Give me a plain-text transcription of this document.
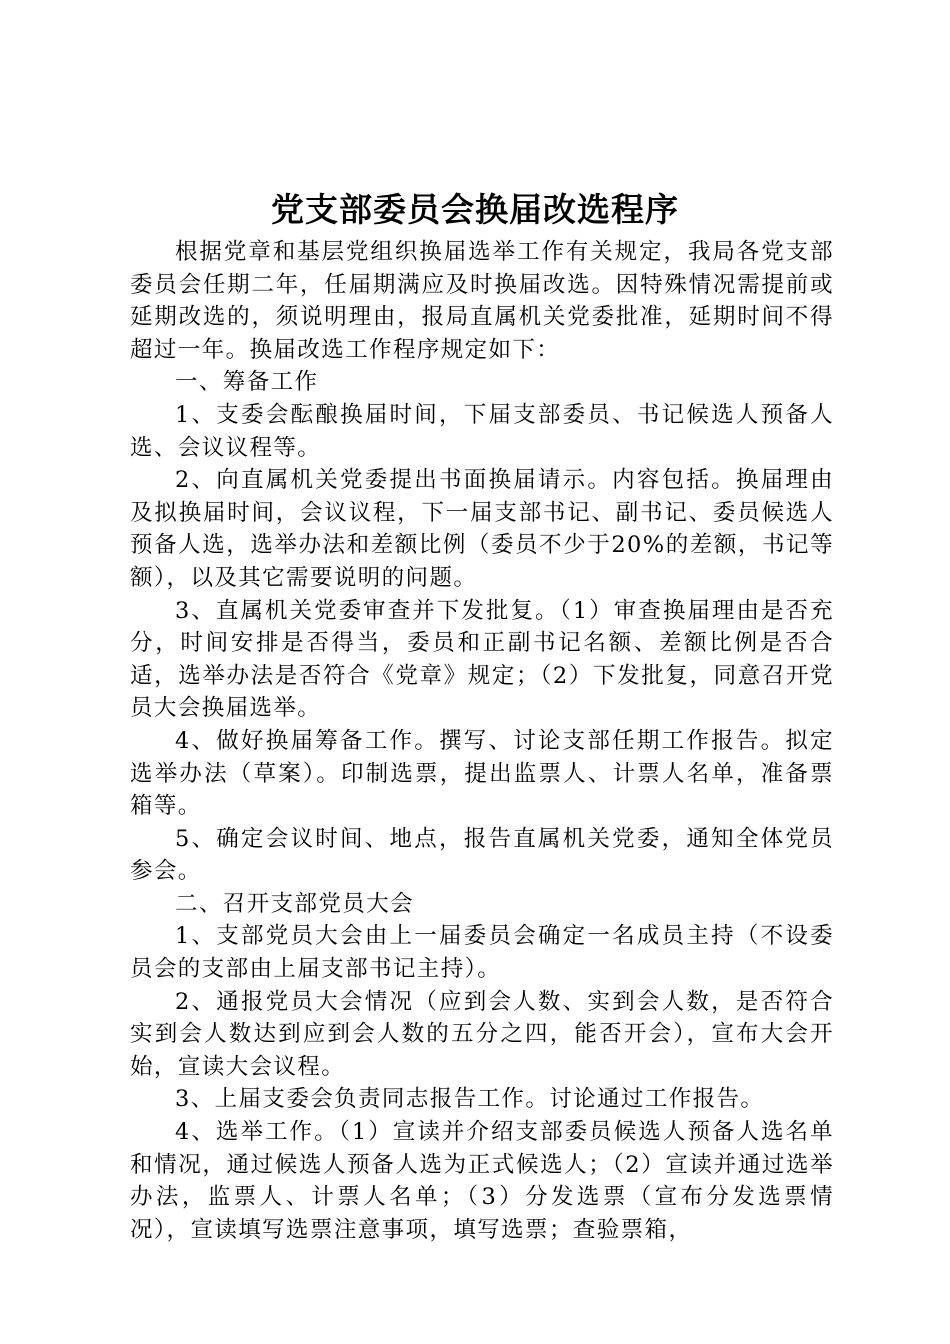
党支部委员会换届改选程序

根据党章和基层党组织换届选举工作有关规定，我局各党支部委员会任期二年，任届期满应及时换届改选。因特殊情况需提前或延期改选的，须说明理由，报局直属机关党委批准，延期时间不得超过一年。换届改选工作程序规定如下：

一、筹备工作

1、支委会酝酿换届时间，下届支部委员、书记候选人预备人选、会议议程等。

2、向直属机关党委提出书面换届请示。内容包括。换届理由及拟换届时间，会议议程，下一届支部书记、副书记、委员候选人预备人选，选举办法和差额比例（委员不少于20%的差额，书记等额），以及其它需要说明的问题。

3、直属机关党委审查并下发批复。（1）审查换届理由是否充分，时间安排是否得当，委员和正副书记名额、差额比例是否合适，选举办法是否符合《党章》规定；（2）下发批复，同意召开党员大会换届选举。

4、做好换届筹备工作。撰写、讨论支部任期工作报告。拟定选举办法（草案）。印制选票，提出监票人、计票人名单，准备票箱等。

5、确定会议时间、地点，报告直属机关党委，通知全体党员参会。

二、召开支部党员大会

1、支部党员大会由上一届委员会确定一名成员主持（不设委员会的支部由上届支部书记主持）。

2、通报党员大会情况（应到会人数、实到会人数，是否符合实到会人数达到应到会人数的五分之四，能否开会），宣布大会开始，宣读大会议程。

3、上届支委会负责同志报告工作。讨论通过工作报告。

4、选举工作。（1）宣读并介绍支部委员候选人预备人选名单和情况，通过候选人预备人选为正式候选人；（2）宣读并通过选举办法，监票人、计票人名单；（3）分发选票（宣布分发选票情况），宣读填写选票注意事项，填写选票；查验票箱，
